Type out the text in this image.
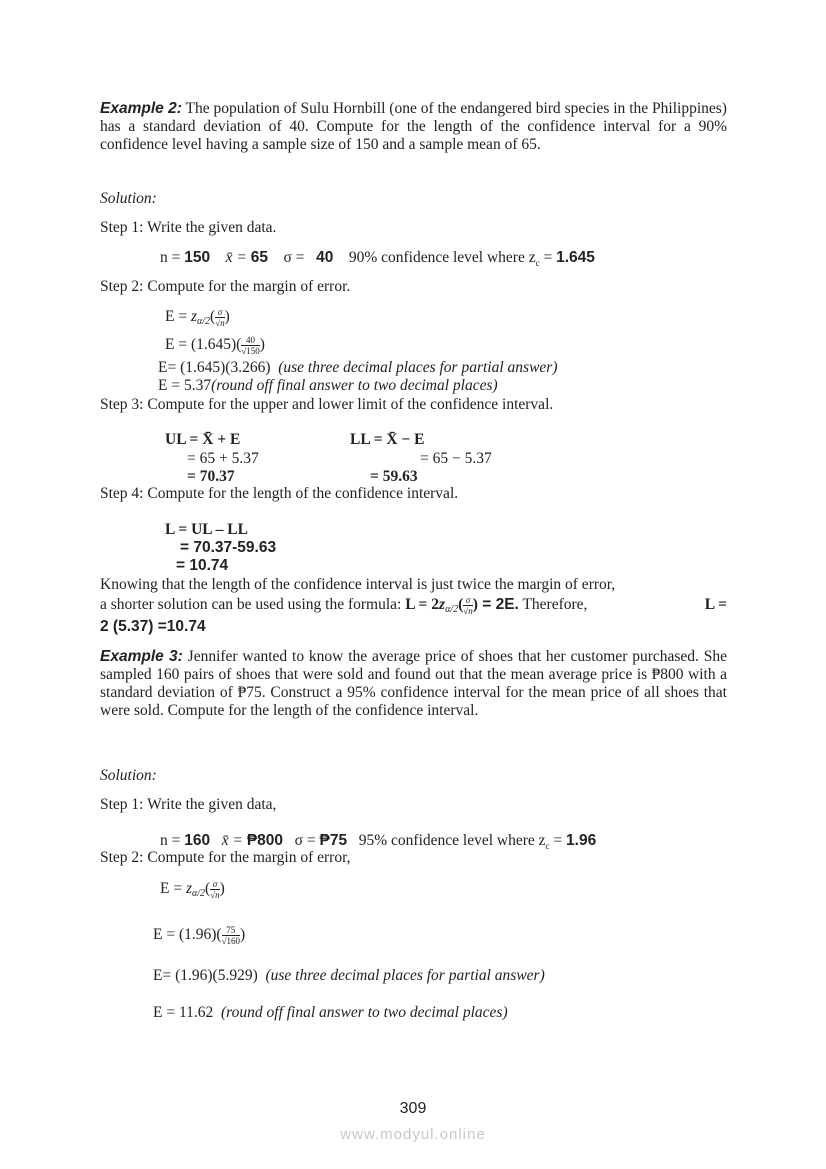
Example 2: The population of Sulu Hornbill (one of the endangered bird species in the Philippines) has a standard deviation of 40. Compute for the length of the confidence interval for a 90% confidence level having a sample size of 150 and a sample mean of 65.
Solution:
Step 1: Write the given data.
n = 150 x̄ = 65 σ =   40 90% confidence level where $z_c = 1.645$
Step 2: Compute for the margin of error.
$E = z_{\alpha/2}( \frac{\sigma}{√n}$ )
$E = (1.645)( \frac{40}{√150}$ )
E= (1.645)(3.266) (use three decimal places for partial answer)
E = 5.37(round off final answer to two decimal places)
Step 3: Compute for the upper and lower limit of the confidence interval.
UL = X̄ + E
= 65 + 5.37
= 70.37
LL = X̄ − E
= 65 − 5.37
= 59.63
Step 4: Compute for the length of the confidence interval.
L = UL – LL
= 70.37-59.63
= 10.74
Knowing that the length of the confidence interval is just twice the margin of error,
a shorter solution can be used using the formula: $L = 2z_{\alpha/2}( \frac{\sigma}{√n}$ ) = 2E. Therefore,	L =
2 (5.37) =10.74
Example 3: Jennifer wanted to know the average price of shoes that her customer purchased. She sampled 160 pairs of shoes that were sold and found out that the mean average price is ₱800 with a standard deviation of ₱75. Construct a 95% confidence interval for the mean price of all shoes that were sold. Compute for the length of the confidence interval.
Solution:
Step 1: Write the given data,
n = 160 x̄ = ₱800 σ = ₱75 95% confidence level where $z_c = 1.96$
Step 2: Compute for the margin of error,
$E = z_{\alpha/2}( \frac{\sigma}{√n}$ )
$E = (1.96)( \frac{75}{√160}$ )
E= (1.96)(5.929) (use three decimal places for partial answer)
E = 11.62 (round off final answer to two decimal places)
309
www.modyul.online
